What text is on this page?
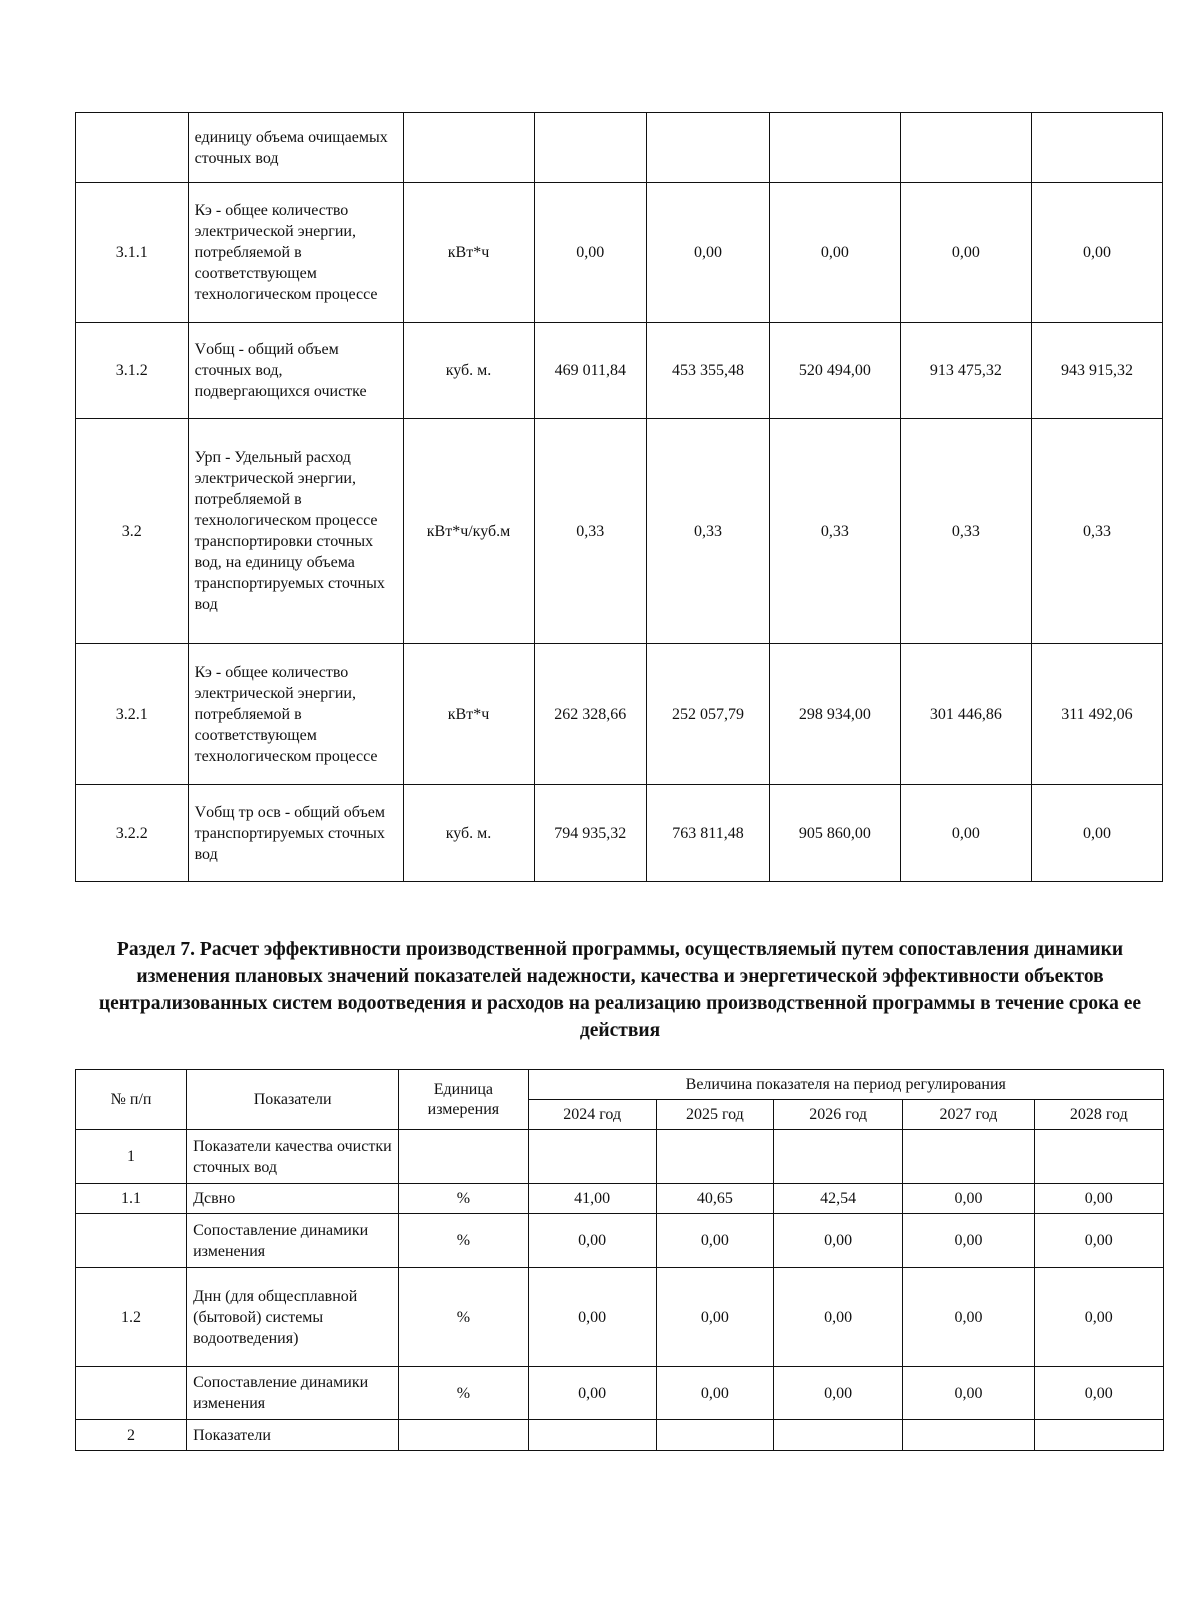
	единицу объема очищаемых сточных вод						
3.1.1	Кэ - общее количество электрической энергии, потребляемой в соответствующем технологическом процессе	кВт*ч	0,00	0,00	0,00	0,00	0,00
3.1.2	Vобщ - общий объем сточных вод, подвергающихся очистке	куб. м.	469 011,84	453 355,48	520 494,00	913 475,32	943 915,32
3.2	Урп - Удельный расход электрической энергии, потребляемой в технологическом процессе транспортировки сточных вод, на единицу объема транспортируемых сточных вод	кВт*ч/куб.м	0,33	0,33	0,33	0,33	0,33
3.2.1	Кэ - общее количество электрической энергии, потребляемой в соответствующем технологическом процессе	кВт*ч	262 328,66	252 057,79	298 934,00	301 446,86	311 492,06
3.2.2	Vобщ тр осв - общий объем транспортируемых сточных вод	куб. м.	794 935,32	763 811,48	905 860,00	0,00	0,00
Раздел 7. Расчет эффективности производственной программы, осуществляемый путем сопоставления динамики изменения плановых значений показателей надежности, качества и энергетической эффективности объектов централизованных систем водоотведения и расходов на реализацию производственной программы в течение срока ее действия
№ п/п	Показатели	Единица измерения	Величина показателя на период регулирования				
			2024 год	2025 год	2026 год	2027 год	2028 год
1	Показатели качества очистки сточных вод						
1.1	Дсвно	%	41,00	40,65	42,54	0,00	0,00
	Сопоставление динамики изменения	%	0,00	0,00	0,00	0,00	0,00
1.2	Днн (для общесплавной (бытовой) системы водоотведения)	%	0,00	0,00	0,00	0,00	0,00
	Сопоставление динамики изменения	%	0,00	0,00	0,00	0,00	0,00
2	Показатели						
